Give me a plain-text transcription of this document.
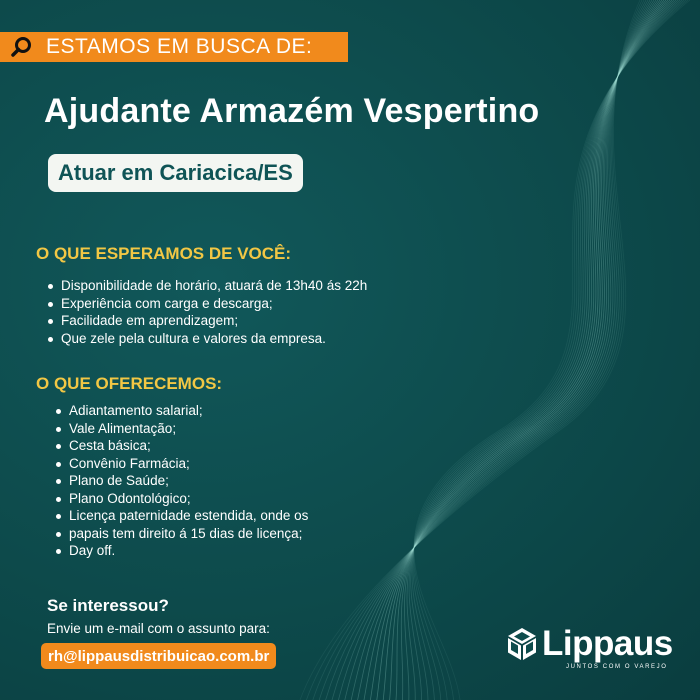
ESTAMOS EM BUSCA DE:
Ajudante Armazém Vespertino
Atuar em Cariacica/ES
O QUE ESPERAMOS DE VOCÊ:
Disponibilidade de horário, atuará de 13h40 ás 22h
Experiência com carga e descarga;
Facilidade em aprendizagem;
Que zele pela cultura e valores da empresa.
O QUE OFERECEMOS:
Adiantamento salarial;
Vale Alimentação;
Cesta básica;
Convênio Farmácia;
Plano de Saúde;
Plano Odontológico;
Licença paternidade estendida, onde os
papais tem direito á 15 dias de licença;
Day off.
Se interessou?
Envie um e-mail com o assunto para:
rh@lippausdistribuicao.com.br	Lippaus
JUNTOS COM O VAREJO
